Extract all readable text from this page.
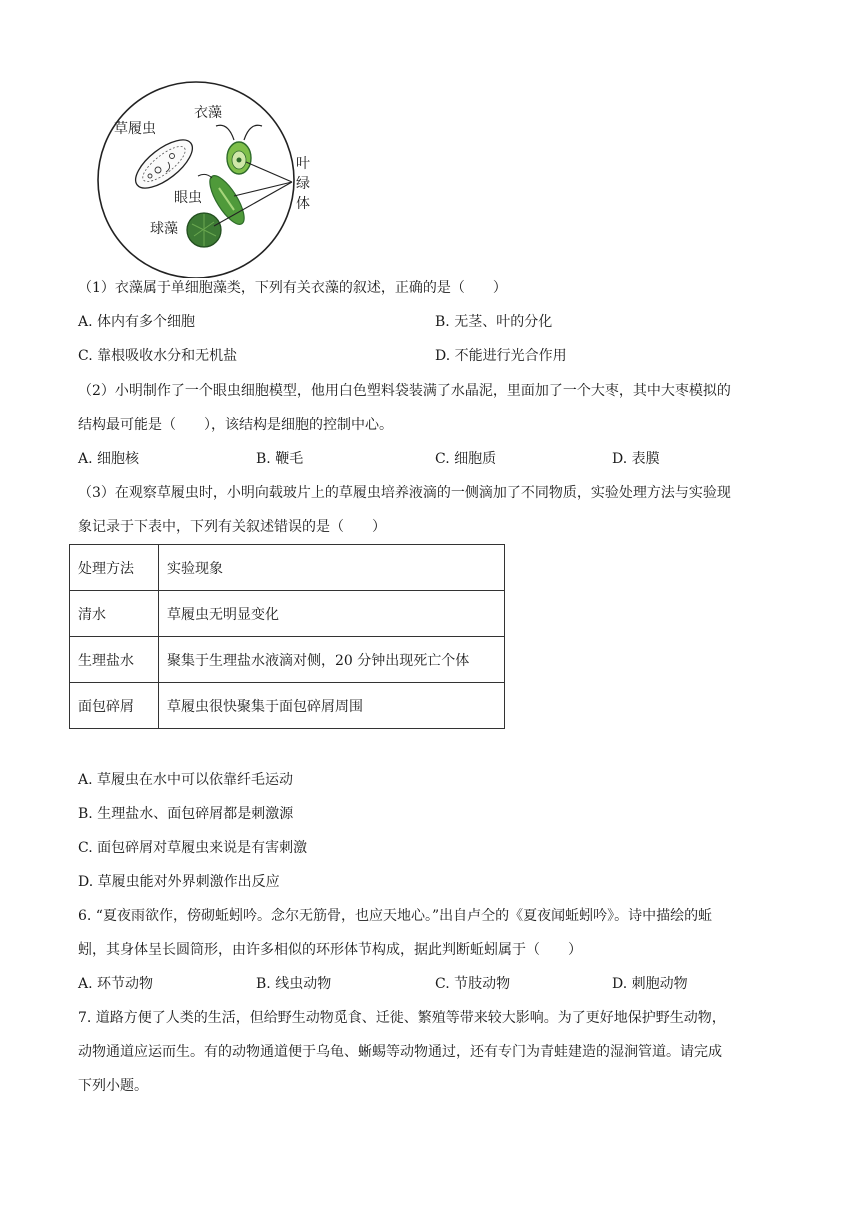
草履虫
衣藻
眼虫
球藻
叶
绿
体
（1）衣藻属于单细胞藻类，下列有关衣藻的叙述，正确的是（　　）
A. 体内有多个细胞	B. 无茎、叶的分化
C. 靠根吸收水分和无机盐	D. 不能进行光合作用
（2）小明制作了一个眼虫细胞模型，他用白色塑料袋装满了水晶泥，里面加了一个大枣，其中大枣模拟的
结构最可能是（　　），该结构是细胞的控制中心。
A. 细胞核	B. 鞭毛	C. 细胞质	D. 表膜
（3）在观察草履虫时，小明向载玻片上的草履虫培养液滴的一侧滴加了不同物质，实验处理方法与实验现
象记录于下表中，下列有关叙述错误的是（　　）
处理方法	实验现象
清水	草履虫无明显变化
生理盐水	聚集于生理盐水液滴对侧，20 分钟出现死亡个体
面包碎屑	草履虫很快聚集于面包碎屑周围
A. 草履虫在水中可以依靠纤毛运动
B. 生理盐水、面包碎屑都是刺激源
C. 面包碎屑对草履虫来说是有害刺激
D. 草履虫能对外界刺激作出反应
6. “夏夜雨欲作，傍砌蚯蚓吟。念尔无筋骨，也应天地心。”出自卢仝的《夏夜闻蚯蚓吟》。诗中描绘的蚯
蚓，其身体呈长圆筒形，由许多相似的环形体节构成，据此判断蚯蚓属于（　　）
A. 环节动物	B. 线虫动物	C. 节肢动物	D. 刺胞动物
7. 道路方便了人类的生活，但给野生动物觅食、迁徙、繁殖等带来较大影响。为了更好地保护野生动物，
动物通道应运而生。有的动物通道便于乌龟、蜥蜴等动物通过，还有专门为青蛙建造的湿涧管道。请完成
下列小题。
